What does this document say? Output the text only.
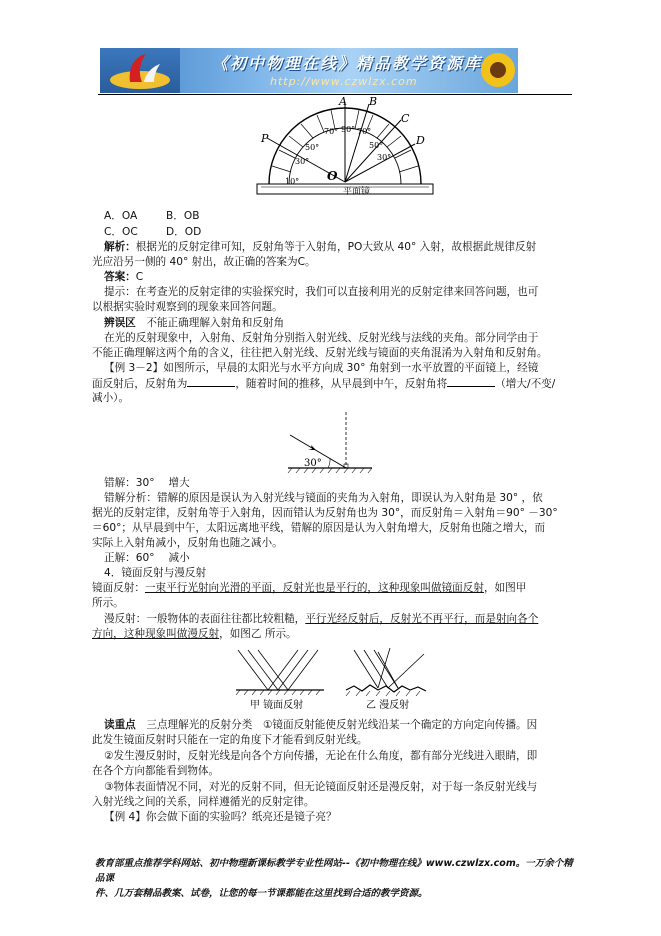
《初中物理在线》精品教学资源库
http://www.czwlzx.com
A B
C
D
P
O
70°
50°
30°
10°
90° 70°
50°
30°
平面镜
A．OA	B．OB
C．OC	D．OD
解析：根据光的反射定律可知，反射角等于入射角，PO大致从 40° 入射，故根据此规律反射
光应沿另一侧的 40° 射出，故正确的答案为C。
答案：C
提示：在考查光的反射定律的实验探究时，我们可以直接利用光的反射定律来回答问题，也可
以根据实验时观察到的现象来回答问题。
辨误区　 不能正确理解入射角和反射角
在光的反射现象中，入射角、反射角分别指入射光线、反射光线与法线的夹角。部分同学由于
不能正确理解这两个角的含义，往往把入射光线、反射光线与镜面的夹角混淆为入射角和反射角。
【例 3－2】如图所示，早晨的太阳光与水平方向成 30° 角射到一水平放置的平面镜上，经镜
面反射后，反射角为	，随着时间的推移，从早晨到中午，反射角将	（增大/不变/
减小）。
30°
错解：30°　 增大
错解分析：错解的原因是误认为入射光线与镜面的夹角为入射角，即误认为入射角是 30° ，依
据光的反射定律，反射角等于入射角，因而错认为反射角也为 30°，而反射角＝入射角＝90° －30°
＝60°；从早晨到中午，太阳远离地平线，错解的原因是认为入射角增大，反射角也随之增大，而
实际上入射角减小，反射角也随之减小。
正解：60°　 减小
4．镜面反射与漫反射
镜面反射：一束平行光射向光滑的平面，反射光也是平行的，这种现象叫做镜面反射，如图甲
所示。
漫反射：一般物体的表面往往都比较粗糙，平行光经反射后，反射光不再平行，而是射向各个
方向，这种现象叫做漫反射，如图乙 所示。
甲 镜面反射	乙 漫反射
读重点　 三点理解光的反射分类　①镜面反射能使反射光线沿某一个确定的方向定向传播。因
此发生镜面反射时只能在一定的角度下才能看到反射光线。
②发生漫反射时，反射光线是向各个方向传播，无论在什么角度，都有部分光线进入眼睛，即
在各个方向都能看到物体。
③物体表面情况不同，对光的反射不同，但无论镜面反射还是漫反射，对于每一条反射光线与
入射光线之间的关系，同样遵循光的反射定律。
【例 4】你会做下面的实验吗？纸亮还是镜子亮？
教育部重点推荐学科网站、初中物理新课标教学专业性网站--《初中物理在线》www.czwlzx.com。一万余个精品课
件、几万套精品教案、试卷，让您的每一节课都能在这里找到合适的教学资源。
